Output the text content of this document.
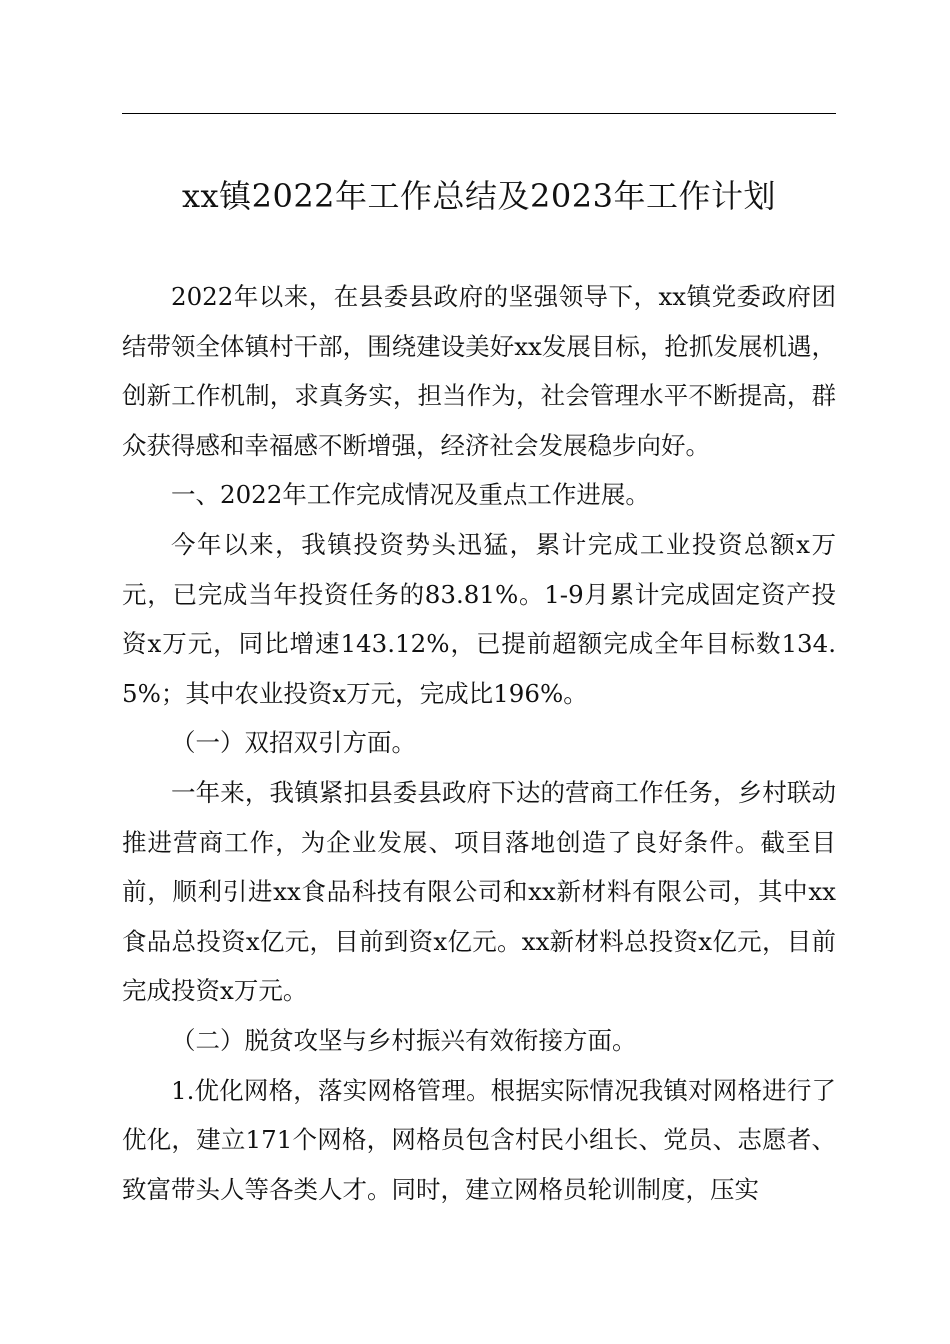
xx镇2022年工作总结及2023年工作计划

2022年以来，在县委县政府的坚强领导下，xx镇党委政府团结带领全体镇村干部，围绕建设美好xx发展目标，抢抓发展机遇，创新工作机制，求真务实，担当作为，社会管理水平不断提高，群众获得感和幸福感不断增强，经济社会发展稳步向好。

一、2022年工作完成情况及重点工作进展。

今年以来，我镇投资势头迅猛，累计完成工业投资总额x万元，已完成当年投资任务的83.81%。1-9月累计完成固定资产投资x万元，同比增速143.12%，已提前超额完成全年目标数134.5%；其中农业投资x万元，完成比196%。

（一）双招双引方面。

一年来，我镇紧扣县委县政府下达的营商工作任务，乡村联动推进营商工作，为企业发展、项目落地创造了良好条件。截至目前，顺利引进xx食品科技有限公司和xx新材料有限公司，其中xx食品总投资x亿元，目前到资x亿元。xx新材料总投资x亿元，目前完成投资x万元。

（二）脱贫攻坚与乡村振兴有效衔接方面。

1.优化网格，落实网格管理。根据实际情况我镇对网格进行了优化，建立171个网格，网格员包含村民小组长、党员、志愿者、致富带头人等各类人才。同时，建立网格员轮训制度，压实
